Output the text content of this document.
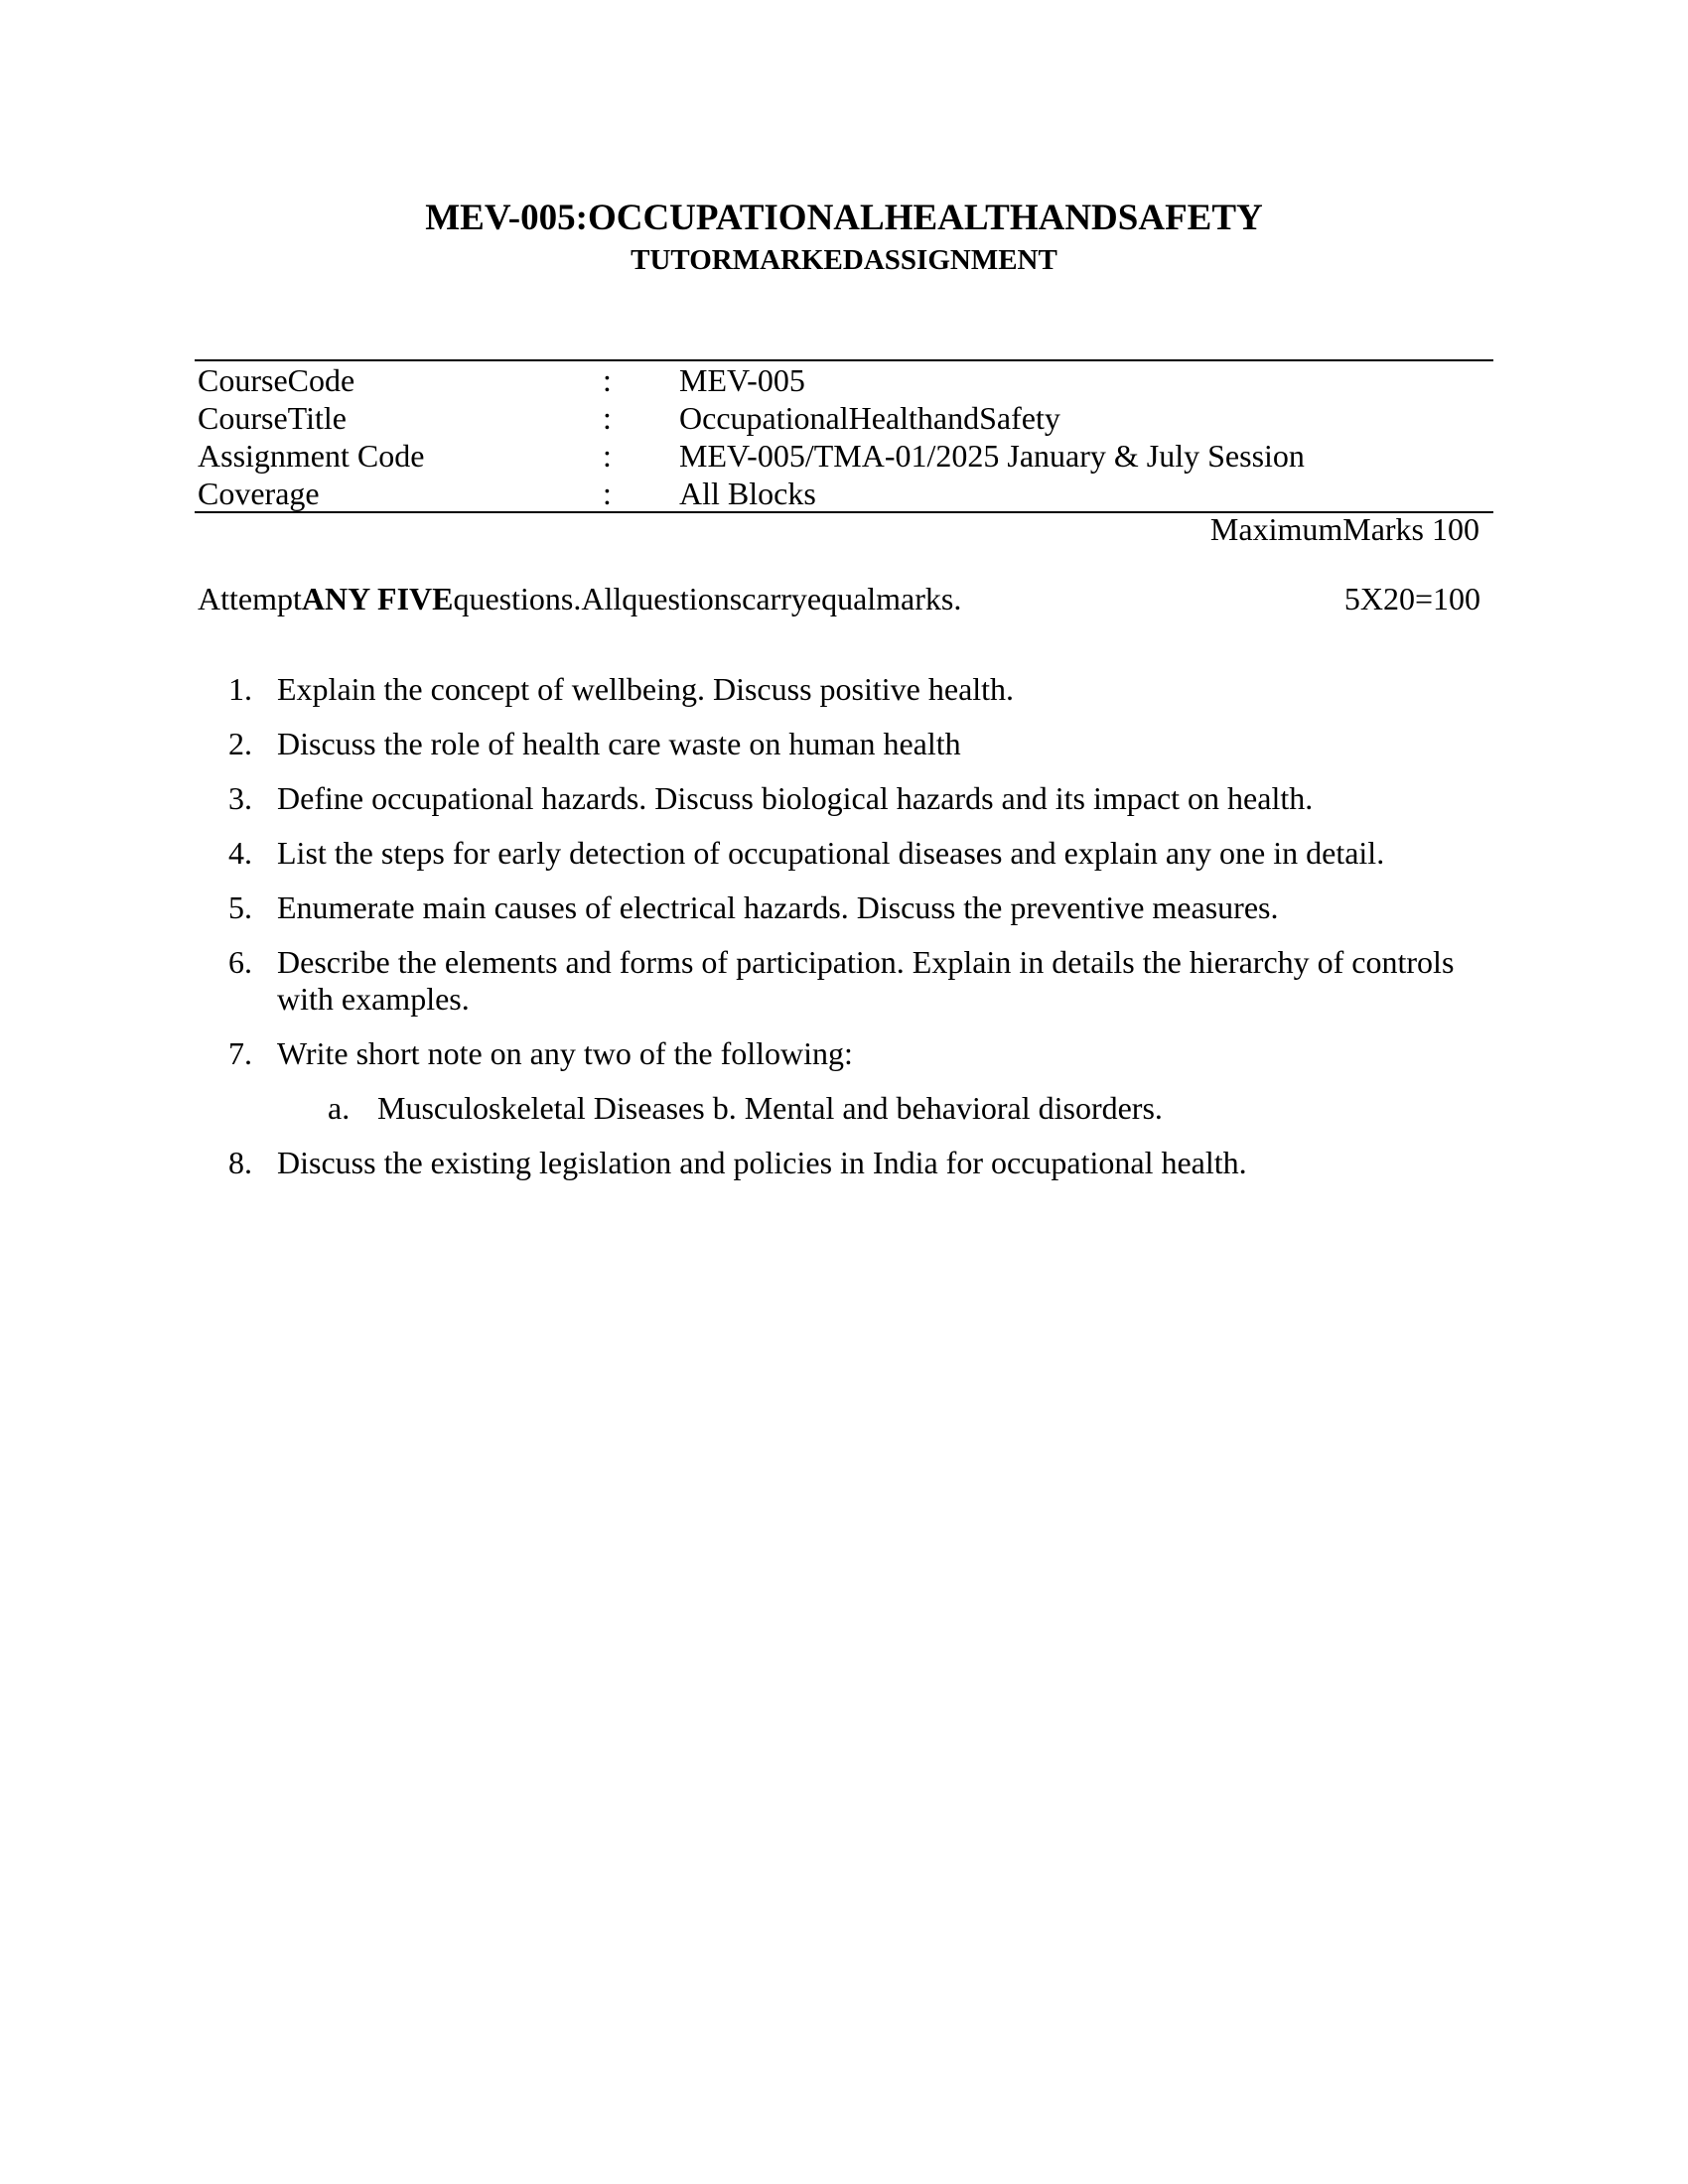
MEV-005:OCCUPATIONALHEALTHANDSAFETY
TUTORMARKEDASSIGNMENT
CourseCode	: MEV-005
CourseTitle	: OccupationalHealthandSafety
Assignment Code	: MEV-005/TMA-01/2025 January & July Session
Coverage	: All Blocks
MaximumMarks 100
AttemptANY FIVEquestions.Allquestionscarryequalmarks.	5X20=100
1. Explain the concept of wellbeing. Discuss positive health.
2. Discuss the role of health care waste on human health
3. Define occupational hazards. Discuss biological hazards and its impact on health.
4. List the steps for early detection of occupational diseases and explain any one in detail.
5. Enumerate main causes of electrical hazards. Discuss the preventive measures.
6. Describe the elements and forms of participation. Explain in details the hierarchy of controls with examples.
7. Write short note on any two of the following:
a. Musculoskeletal Diseases b. Mental and behavioral disorders.
8. Discuss the existing legislation and policies in India for occupational health.
